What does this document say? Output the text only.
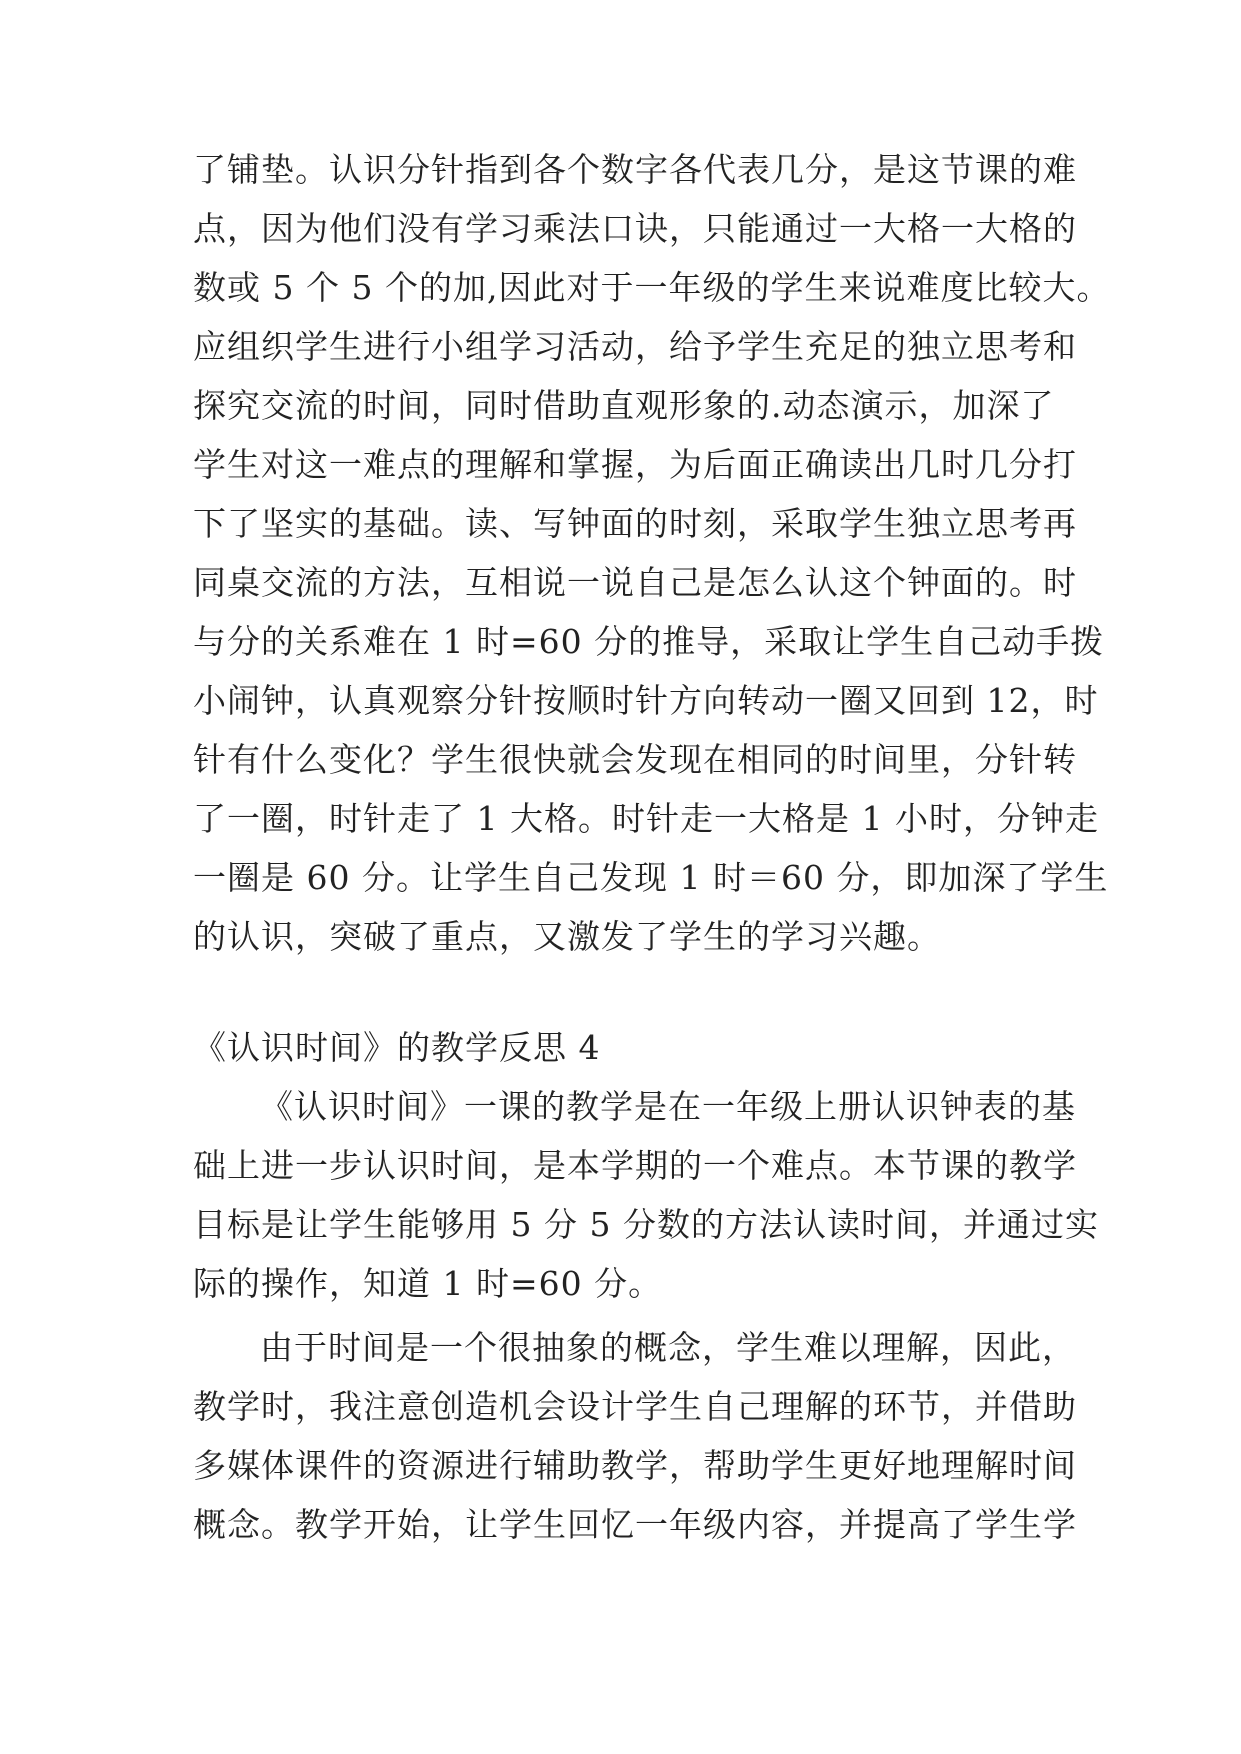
了铺垫。认识分针指到各个数字各代表几分，是这节课的难
点，因为他们没有学习乘法口诀，只能通过一大格一大格的
数或 5 个 5 个的加,因此对于一年级的学生来说难度比较大。
应组织学生进行小组学习活动，给予学生充足的独立思考和
探究交流的时间，同时借助直观形象的.动态演示，加深了
学生对这一难点的理解和掌握，为后面正确读出几时几分打
下了坚实的基础。读、写钟面的时刻，采取学生独立思考再
同桌交流的方法，互相说一说自己是怎么认这个钟面的。时
与分的关系难在 1 时=60 分的推导，采取让学生自己动手拨
小闹钟，认真观察分针按顺时针方向转动一圈又回到 12，时
针有什么变化？学生很快就会发现在相同的时间里，分针转
了一圈，时针走了 1 大格。时针走一大格是 1 小时，分钟走
一圈是 60 分。让学生自己发现 1 时＝60 分，即加深了学生
的认识，突破了重点，又激发了学生的学习兴趣。
《认识时间》的教学反思 4
《认识时间》一课的教学是在一年级上册认识钟表的基
础上进一步认识时间，是本学期的一个难点。本节课的教学
目标是让学生能够用 5 分 5 分数的方法认读时间，并通过实
际的操作，知道 1 时=60 分。
由于时间是一个很抽象的概念，学生难以理解，因此，
教学时，我注意创造机会设计学生自己理解的环节，并借助
多媒体课件的资源进行辅助教学，帮助学生更好地理解时间
概念。教学开始，让学生回忆一年级内容，并提高了学生学
